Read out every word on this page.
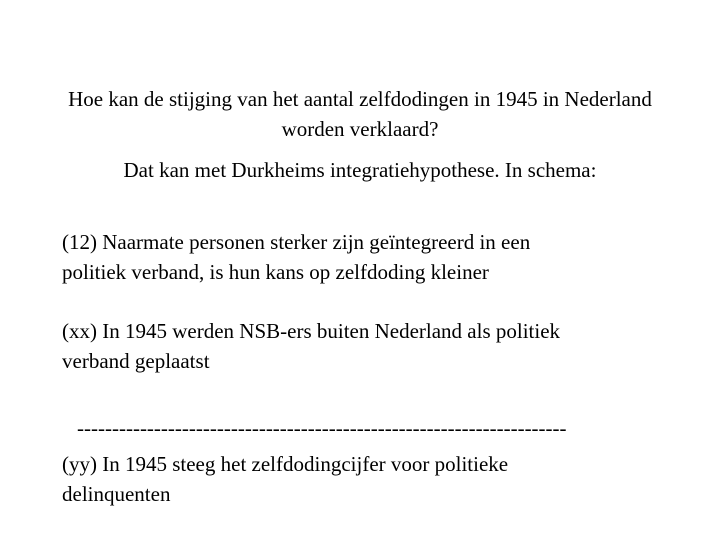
Hoe kan de stijging van het aantal zelfdodingen in 1945 in Nederland worden verklaard?
Dat kan met Durkheims integratiehypothese. In schema:
(12) Naarmate personen sterker zijn geïntegreerd in een
politiek verband, is hun kans op zelfdoding kleiner
(xx) In 1945 werden NSB-ers buiten Nederland als politiek
verband geplaatst
----------------------------------------------------------------------
(yy) In 1945 steeg het zelfdodingcijfer voor politieke
delinquenten
